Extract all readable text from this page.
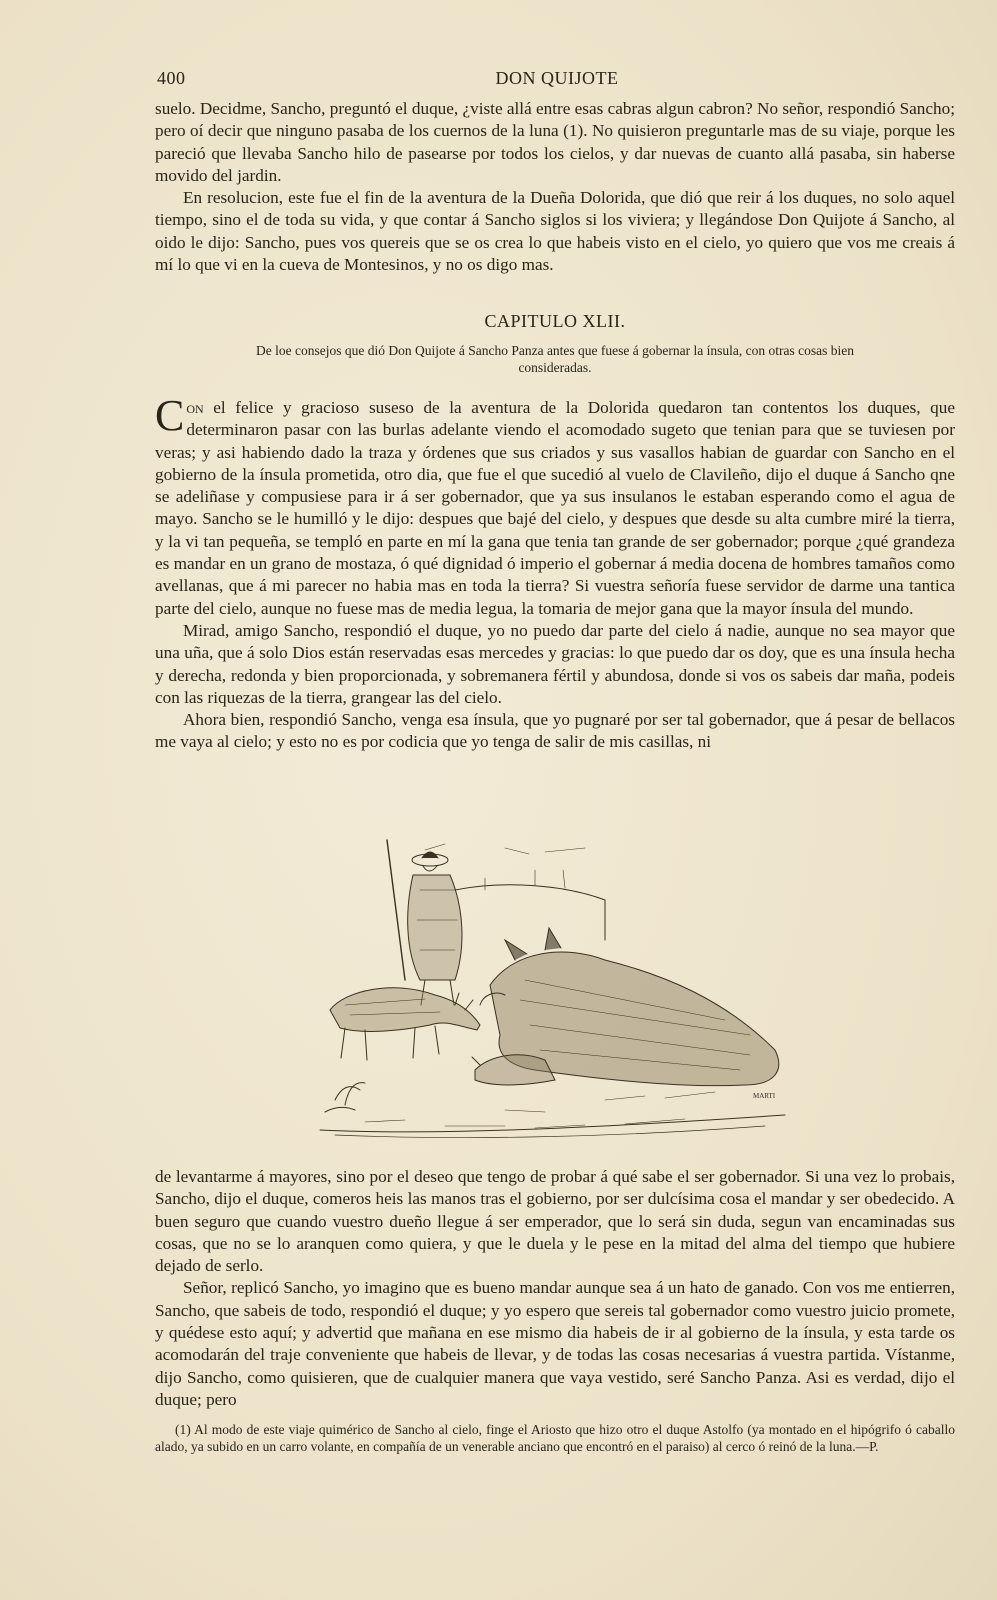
400	DON QUIJOTE

suelo. Decidme, Sancho, preguntó el duque, ¿viste allá entre esas cabras algun cabron? No señor, respondió Sancho; pero oí decir que ninguno pasaba de los cuernos de la luna (1). No quisieron preguntarle mas de su viaje, porque les pareció que llevaba Sancho hilo de pasearse por todos los cielos, y dar nuevas de cuanto allá pasaba, sin haberse movido del jardin.

En resolucion, este fue el fin de la aventura de la Dueña Dolorida, que dió que reir á los duques, no solo aquel tiempo, sino el de toda su vida, y que contar á Sancho siglos si los viviera; y llegándose Don Quijote á Sancho, al oido le dijo: Sancho, pues vos quereis que se os crea lo que habeis visto en el cielo, yo quiero que vos me creais á mí lo que vi en la cueva de Montesinos, y no os digo mas.

CAPITULO XLII.
De loe consejos que dió Don Quijote á Sancho Panza antes que fuese á gobernar la ínsula, con otras cosas bien consideradas.

Con el felice y gracioso suseso de la aventura de la Dolorida quedaron tan contentos los duques, que determinaron pasar con las burlas adelante viendo el acomodado sugeto que tenian para que se tuviesen por veras; y asi habiendo dado la traza y órdenes que sus criados y sus vasallos habian de guardar con Sancho en el gobierno de la ínsula prometida, otro dia, que fue el que sucedió al vuelo de Clavileño, dijo el duque á Sancho qne se adeliñase y compusiese para ir á ser gobernador, que ya sus insulanos le estaban esperando como el agua de mayo. Sancho se le humilló y le dijo: despues que bajé del cielo, y despues que desde su alta cumbre miré la tierra, y la vi tan pequeña, se templó en parte en mí la gana que tenia tan grande de ser gobernador; porque ¿qué grandeza es mandar en un grano de mostaza, ó qué dignidad ó imperio el gobernar á media docena de hombres tamaños como avellanas, que á mi parecer no habia mas en toda la tierra? Si vuestra señoría fuese servidor de darme una tantica parte del cielo, aunque no fuese mas de media legua, la tomaria de mejor gana que la mayor ínsula del mundo.

Mirad, amigo Sancho, respondió el duque, yo no puedo dar parte del cielo á nadie, aunque no sea mayor que una uña, que á solo Dios están reservadas esas mercedes y gracias: lo que puedo dar os doy, que es una ínsula hecha y derecha, redonda y bien proporcionada, y sobremanera fértil y abundosa, donde si vos os sabeis dar maña, podeis con las riquezas de la tierra, grangear las del cielo.

Ahora bien, respondió Sancho, venga esa ínsula, que yo pugnaré por ser tal gobernador, que á pesar de bellacos me vaya al cielo; y esto no es por codicia que yo tenga de salir de mis casillas, ni

MARTI

de levantarme á mayores, sino por el deseo que tengo de probar á qué sabe el ser gobernador. Si una vez lo probais, Sancho, dijo el duque, comeros heis las manos tras el gobierno, por ser dulcísima cosa el mandar y ser obedecido. A buen seguro que cuando vuestro dueño llegue á ser emperador, que lo será sin duda, segun van encaminadas sus cosas, que no se lo aranquen como quiera, y que le duela y le pese en la mitad del alma del tiempo que hubiere dejado de serlo.

Señor, replicó Sancho, yo imagino que es bueno mandar aunque sea á un hato de ganado. Con vos me entierren, Sancho, que sabeis de todo, respondió el duque; y yo espero que sereis tal gobernador como vuestro juicio promete, y quédese esto aquí; y advertid que mañana en ese mismo dia habeis de ir al gobierno de la ínsula, y esta tarde os acomodarán del traje conveniente que habeis de llevar, y de todas las cosas necesarias á vuestra partida. Vístanme, dijo Sancho, como quisieren, que de cualquier manera que vaya vestido, seré Sancho Panza. Asi es verdad, dijo el duque; pero

(1) Al modo de este viaje quimérico de Sancho al cielo, finge el Ariosto que hizo otro el duque Astolfo (ya montado en el hipógrifo ó caballo alado, ya subido en un carro volante, en compañía de un venerable anciano que encontró en el paraiso) al cerco ó reinó de la luna.—P.
